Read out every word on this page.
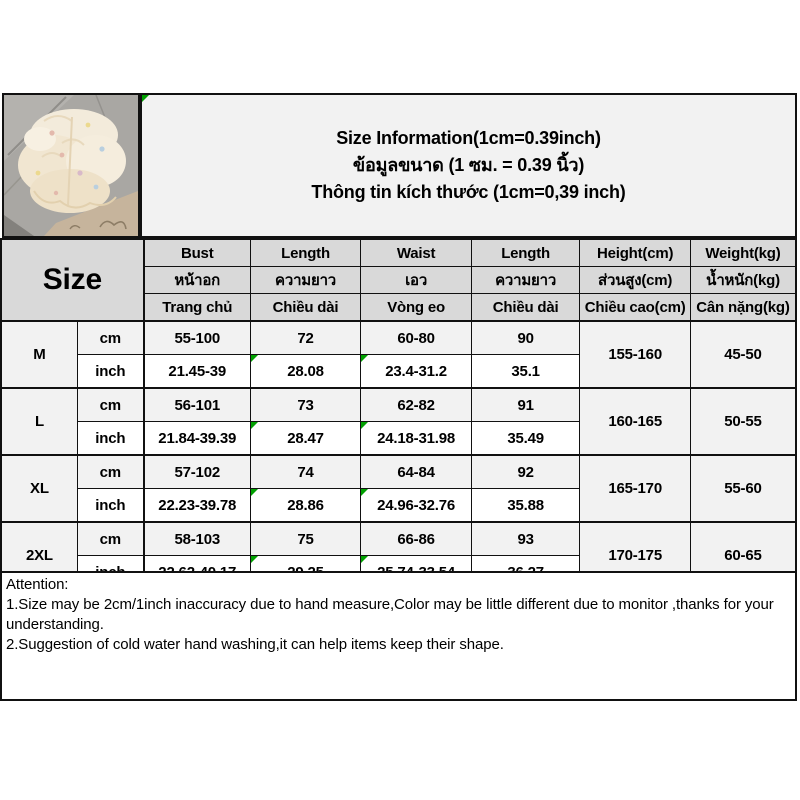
Size Information(1cm=0.39inch)
ข้อมูลขนาด (1 ซม. = 0.39 นิ้ว)
Thông tin kích thước (1cm=0,39 inch)
Size		Bust	Length	Waist	Length	Height(cm)	Weight(kg)
		หน้าอก	ความยาว	เอว	ความยาว	ส่วนสูง(cm)	น้ำหนัก(kg)
		Trang chủ	Chiều dài	Vòng eo	Chiều dài	Chiều cao(cm)	Cân nặng(kg)
M	cm	55-100	72	60-80	90	155-160	45-50
	inch	21.45-39	28.08	23.4-31.2	35.1		
L	cm	56-101	73	62-82	91	160-165	50-55
	inch	21.84-39.39	28.47	24.18-31.98	35.49		
XL	cm	57-102	74	64-84	92	165-170	55-60
	inch	22.23-39.78	28.86	24.96-32.76	35.88		
2XL	cm	58-103	75	66-86	93	170-175	60-65

Attention:
1.Size may be 2cm/1inch inaccuracy due to hand measure,Color may be little different due to monitor ,thanks for your understanding.
2.Suggestion of cold water hand washing,it can help items keep their shape.
